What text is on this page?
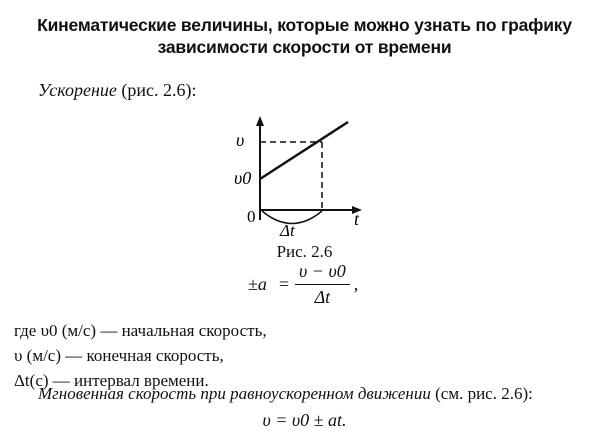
Кинематические величины, которые можно узнать по графику
зависимости скорости от времени
Ускорение (рис. 2.6):
υ
υ0
0	t
Δt
Рис. 2.6
$\pm a = \frac{\upsilon - \upsilon 0}{\Delta t}$ ,
где υ0 (м/с) — начальная скорость,
υ (м/с) — конечная скорость,
Δt(с) — интервал времени.
Мгновенная скорость при равноускоренном движении (см. рис. 2.6):
υ = υ0 ± at.
